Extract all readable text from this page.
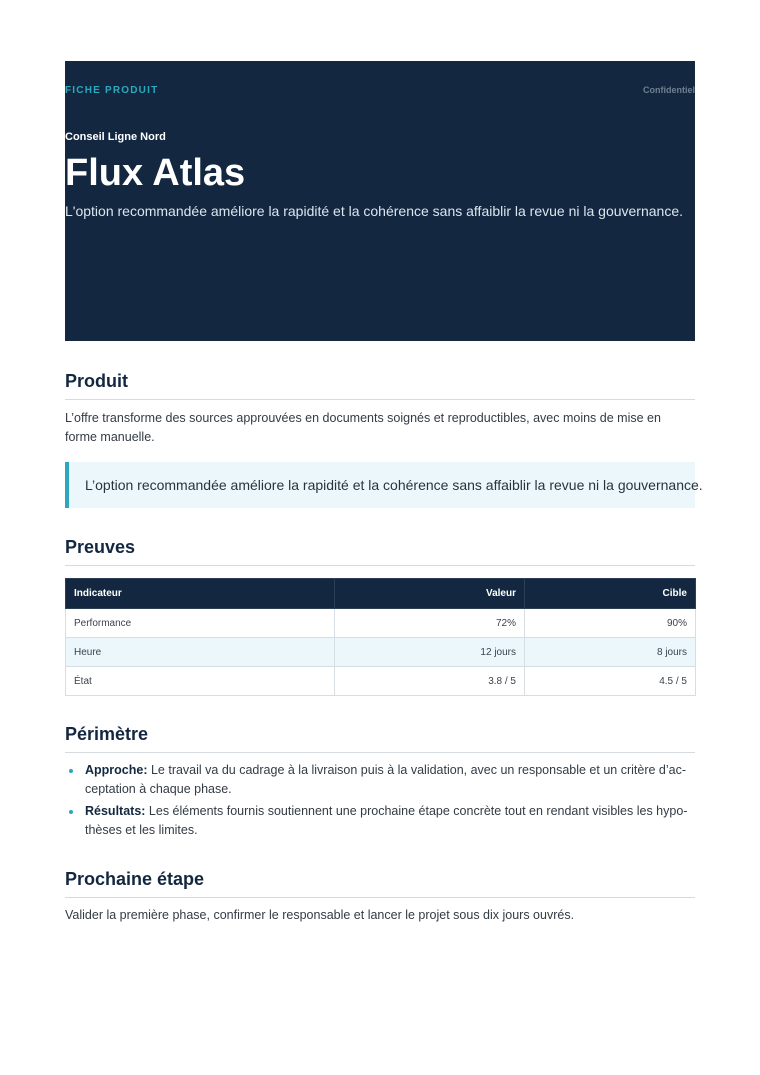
FICHE PRODUIT	Confidentiel
Conseil Ligne Nord
Flux Atlas
L'option recommandée améliore la rapidité et la cohérence sans affaiblir la revue ni la gouvernance.
Produit

L’offre transforme des sources approuvées en documents soignés et reproductibles, avec moins de mise en forme manuelle.

L’option recommandée améliore la rapidité et la cohérence sans affaiblir la revue ni la gouvernance.
Preuves
Indicateur	Valeur	Cible
Performance	72%	90%
Heure	12 jours	8 jours
État	3.8 / 5	4.5 / 5
Périmètre
Approche: Le travail va du cadrage à la livraison puis à la validation, avec un responsable et un critère d’ac-
ceptation à chaque phase.
Résultats: Les éléments fournis soutiennent une prochaine étape concrète tout en rendant visibles les hypo-
thèses et les limites.
Prochaine étape

Valider la première phase, confirmer le responsable et lancer le projet sous dix jours ouvrés.
